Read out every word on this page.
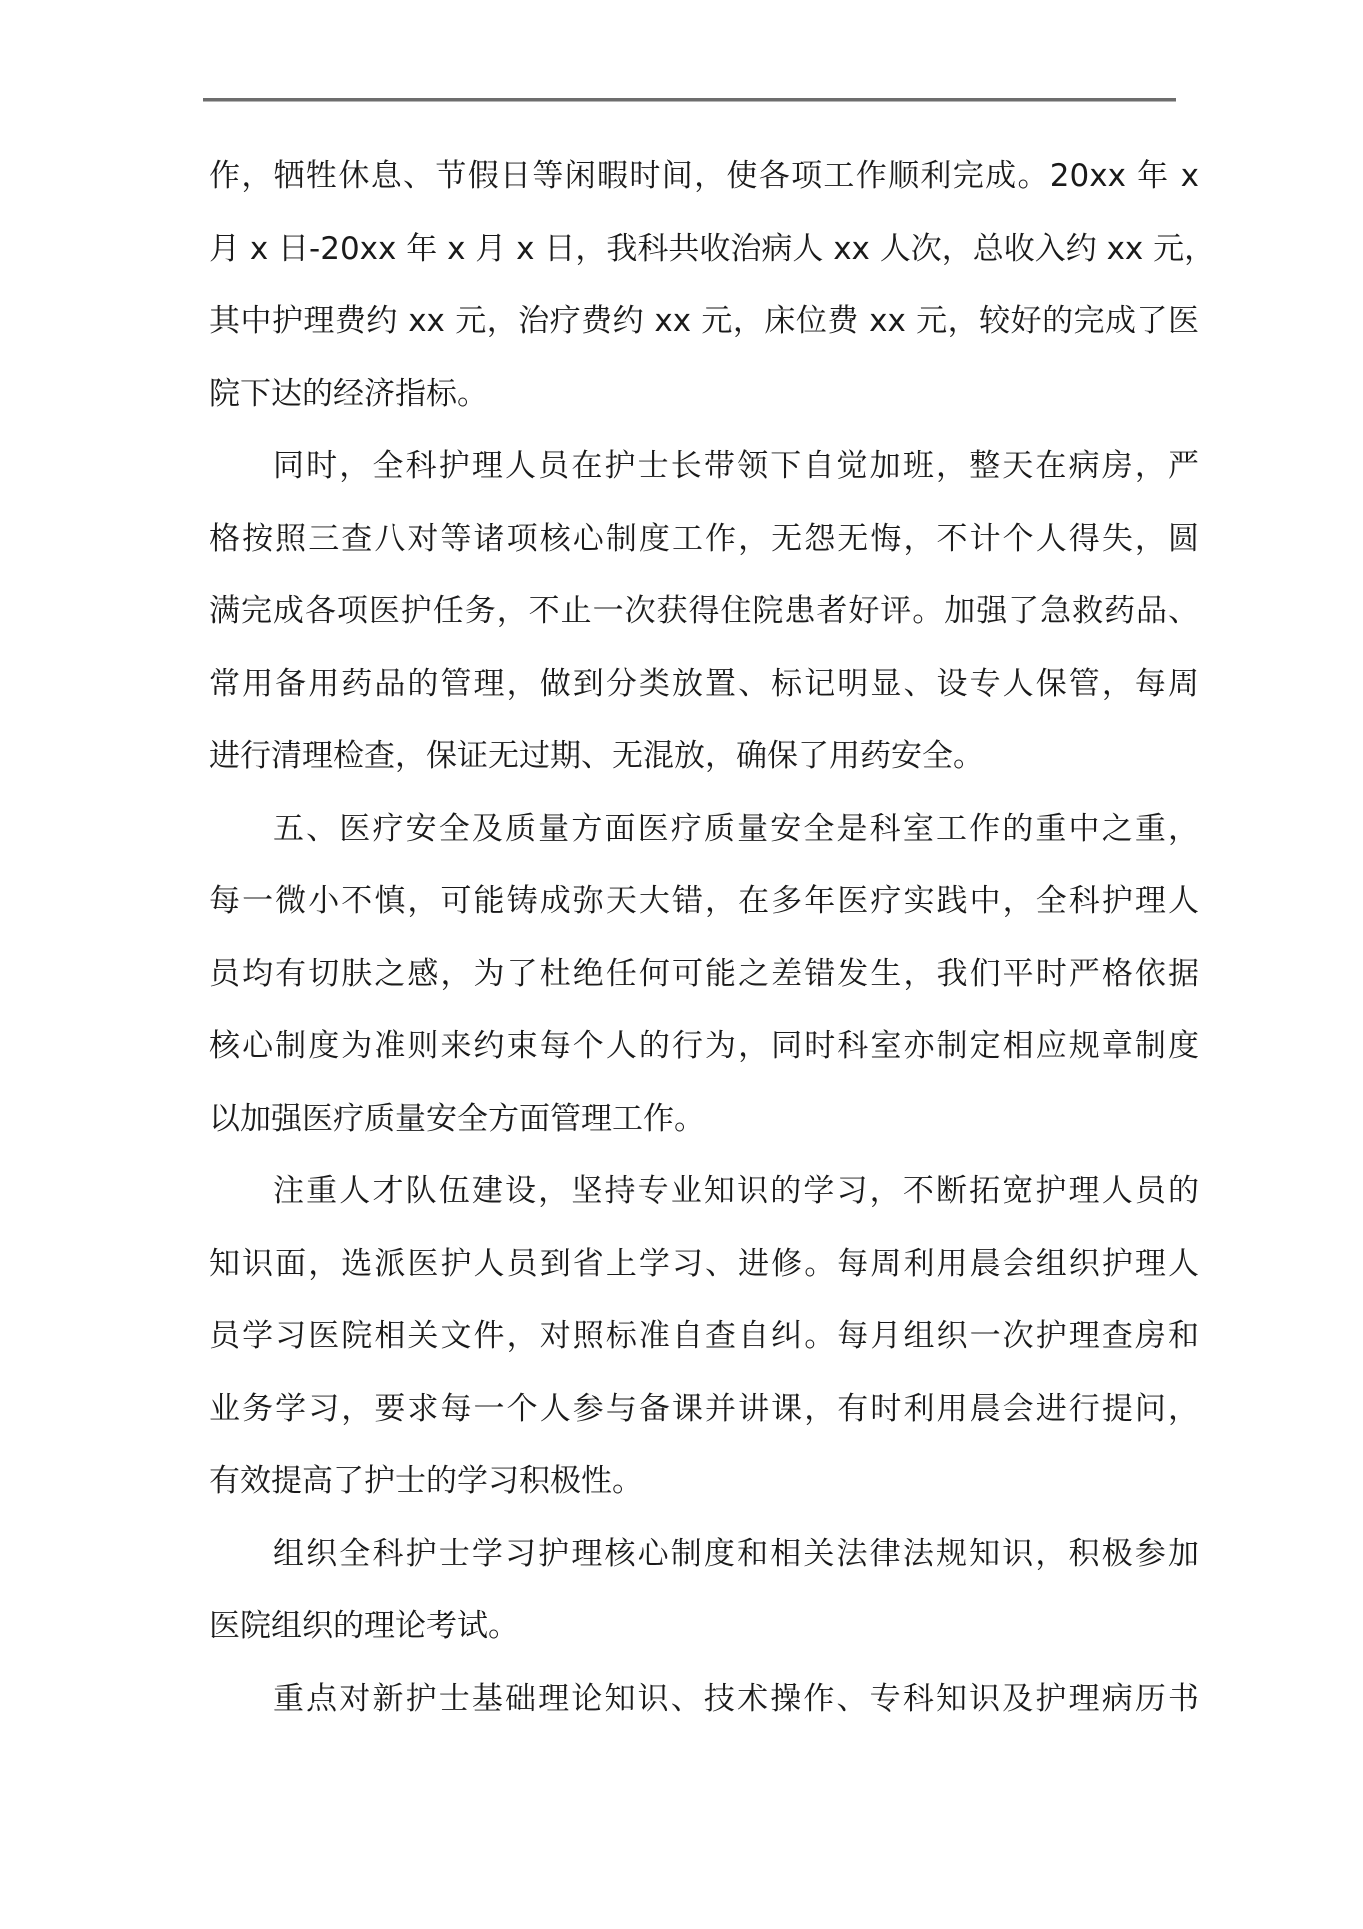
作，牺牲休息、节假日等闲暇时间，使各项工作顺利完成。20xx 年 x
月 x 日-20xx 年 x 月 x 日，我科共收治病人 xx 人次，总收入约 xx 元，
其中护理费约 xx 元，治疗费约 xx 元，床位费 xx 元，较好的完成了医
院下达的经济指标。
同时，全科护理人员在护士长带领下自觉加班，整天在病房，严
格按照三查八对等诸项核心制度工作，无怨无悔，不计个人得失，圆
满完成各项医护任务，不止一次获得住院患者好评。加强了急救药品、
常用备用药品的管理，做到分类放置、标记明显、设专人保管，每周
进行清理检查，保证无过期、无混放，确保了用药安全。
五、医疗安全及质量方面医疗质量安全是科室工作的重中之重，
每一微小不慎，可能铸成弥天大错，在多年医疗实践中，全科护理人
员均有切肤之感，为了杜绝任何可能之差错发生，我们平时严格依据
核心制度为准则来约束每个人的行为，同时科室亦制定相应规章制度
以加强医疗质量安全方面管理工作。
注重人才队伍建设，坚持专业知识的学习，不断拓宽护理人员的
知识面，选派医护人员到省上学习、进修。每周利用晨会组织护理人
员学习医院相关文件，对照标准自查自纠。每月组织一次护理查房和
业务学习，要求每一个人参与备课并讲课，有时利用晨会进行提问，
有效提高了护士的学习积极性。
组织全科护士学习护理核心制度和相关法律法规知识，积极参加
医院组织的理论考试。
重点对新护士基础理论知识、技术操作、专科知识及护理病历书
